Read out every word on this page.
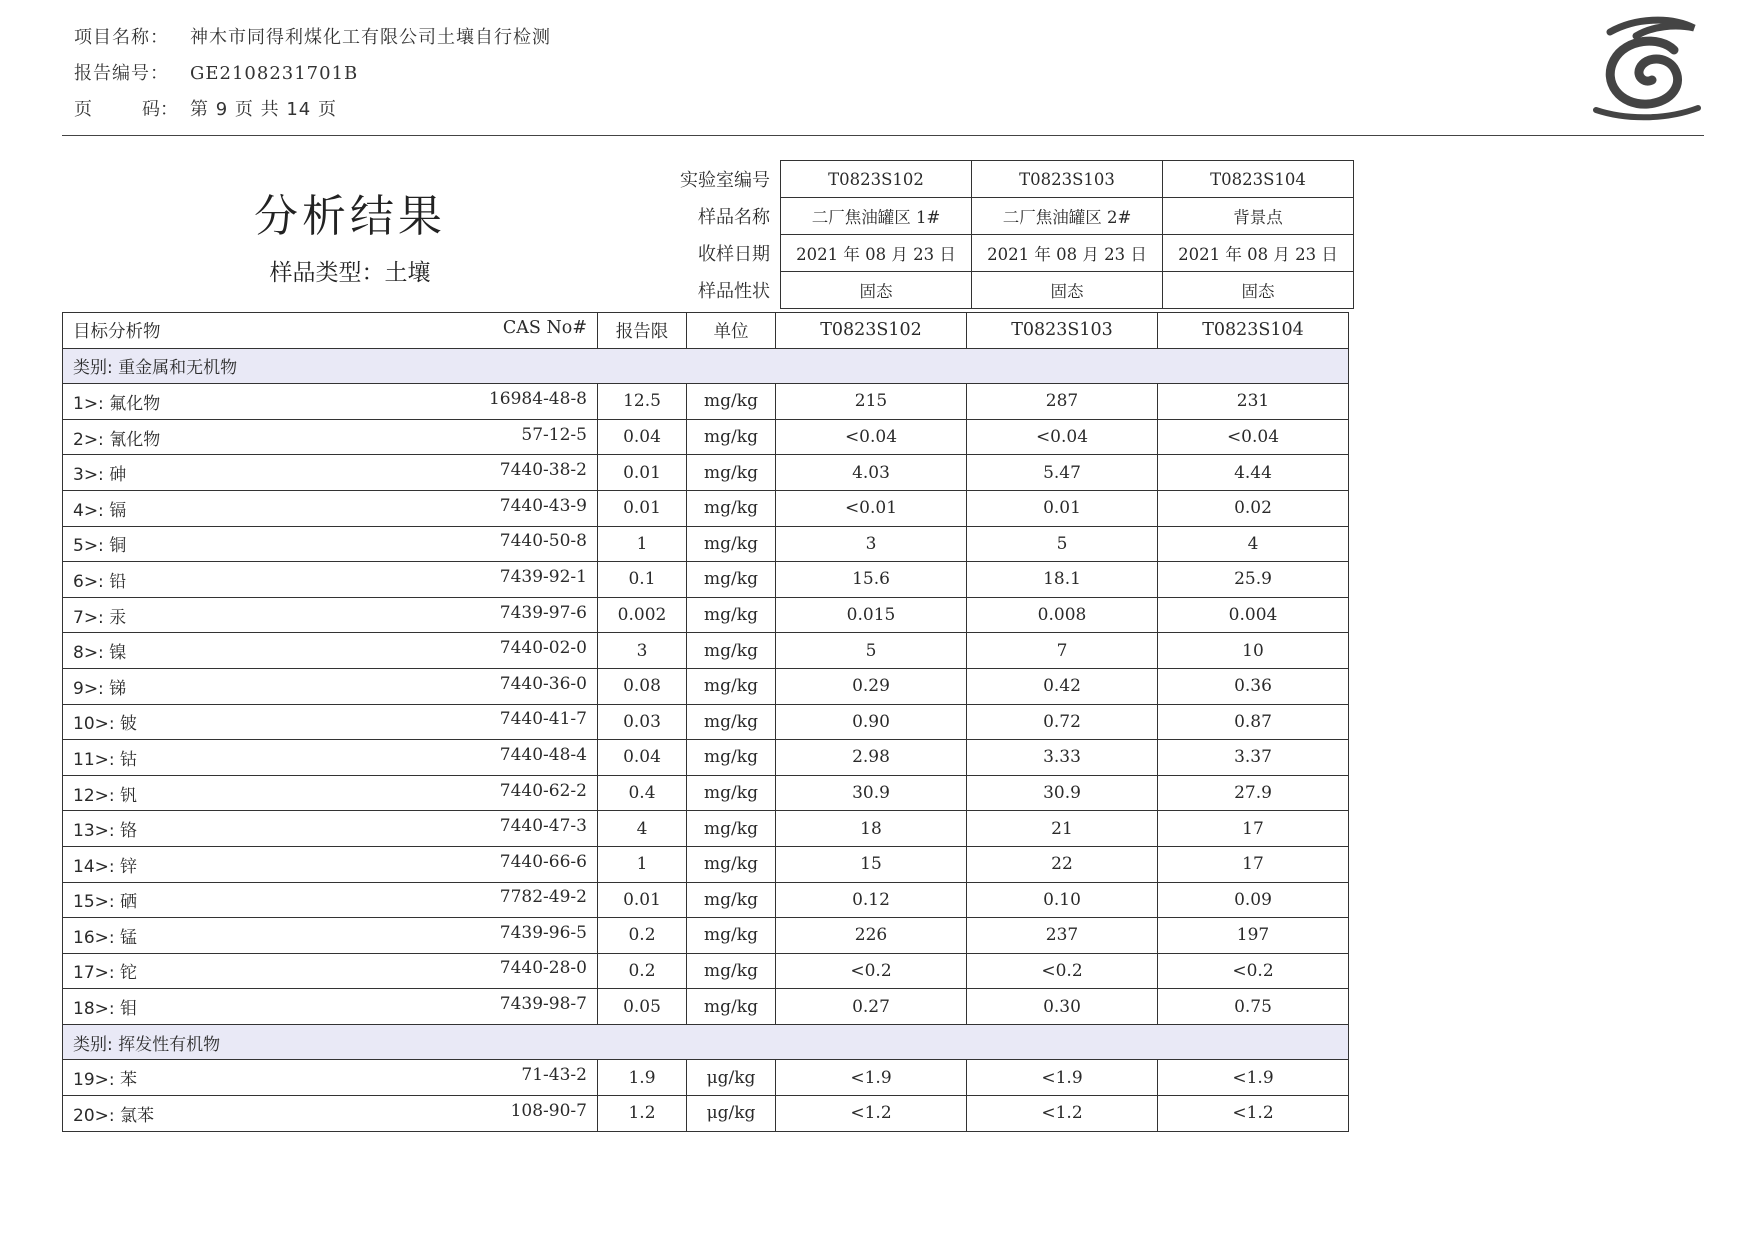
项目名称：	神木市同得利煤化工有限公司土壤自行检测
报告编号：	GE2108231701B
页	码： 第 9 页 共 14 页
分析结果
样品类型：土壤
实验室编号	T0823S102	T0823S103	T0823S104
样品名称	二厂焦油罐区 1#	二厂焦油罐区 2#	背景点
收样日期	2021 年 08 月 23 日	2021 年 08 月 23 日	2021 年 08 月 23 日
样品性状	固态	固态	固态
目标分析物 CAS No#	报告限	单位	T0823S102	T0823S103	T0823S104
类别: 重金属和无机物					

1>: 氟化物 16984-48-8	12.5	mg/kg	215	287	231

2>: 氰化物 57-12-5	0.04	mg/kg	<0.04	<0.04	<0.04

3>: 砷 7440-38-2	0.01	mg/kg	4.03	5.47	4.44

4>: 镉 7440-43-9	0.01	mg/kg	<0.01	0.01	0.02

5>: 铜 7440-50-8	1	mg/kg	3	5	4

6>: 铅 7439-92-1	0.1	mg/kg	15.6	18.1	25.9

7>: 汞 7439-97-6	0.002	mg/kg	0.015	0.008	0.004

8>: 镍 7440-02-0	3	mg/kg	5	7	10

9>: 锑 7440-36-0	0.08	mg/kg	0.29	0.42	0.36

10>: 铍 7440-41-7	0.03	mg/kg	0.90	0.72	0.87

11>: 钴 7440-48-4	0.04	mg/kg	2.98	3.33	3.37

12>: 钒 7440-62-2	0.4	mg/kg	30.9	30.9	27.9

13>: 铬 7440-47-3	4	mg/kg	18	21	17

14>: 锌 7440-66-6	1	mg/kg	15	22	17

15>: 硒 7782-49-2	0.01	mg/kg	0.12	0.10	0.09

16>: 锰 7439-96-5	0.2	mg/kg	226	237	197

17>: 铊 7440-28-0	0.2	mg/kg	<0.2	<0.2	<0.2

18>: 钼 7439-98-7	0.05	mg/kg	0.27	0.30	0.75
类别: 挥发性有机物					

19>: 苯 71-43-2	1.9	μg/kg	<1.9	<1.9	<1.9

20>: 氯苯 108-90-7	1.2	μg/kg	<1.2	<1.2	<1.2
